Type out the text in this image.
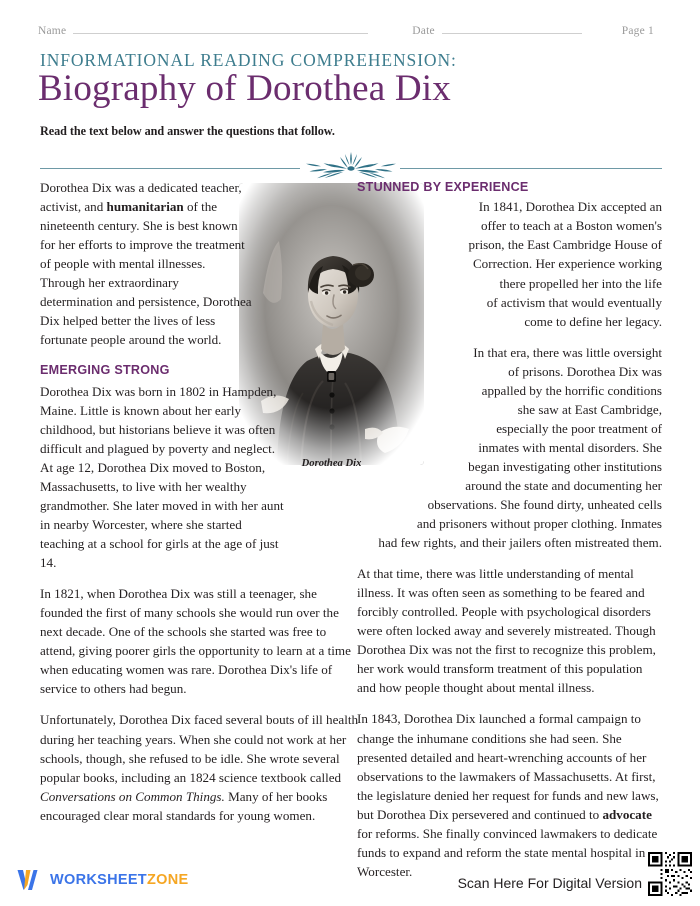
Name	Date	Page 1
INFORMATIONAL READING COMPREHENSION:
Biography of Dorothea Dix
Read the text below and answer the questions that follow.
Dorothea Dix

Dorothea Dix was a dedicated teacher, activist, and humanitarian of the nineteenth century. She is best known for her efforts to improve the treatment of people with mental illnesses. Through her extraordinary determination and persistence, Dorothea Dix helped better the lives of less fortunate people around the world.

EMERGING STRONG

Dorothea Dix was born in 1802 in Hampden, Maine. Little is known about her early childhood, but historians believe it was often difficult and plagued by poverty and neglect. At age 12, Dorothea Dix moved to Boston, Massachusetts, to live with her wealthy grandmother. She later moved in with her aunt in nearby Worcester, where she started teaching at a school for girls at the age of just 14.

In 1821, when Dorothea Dix was still a teenager, she founded the first of many schools she would run over the next decade. One of the schools she started was free to attend, giving poorer girls the opportunity to learn at a time when educating women was rare. Dorothea Dix's life of service to others had begun.

Unfortunately, Dorothea Dix faced several bouts of ill health during her teaching years. When she could not work at her schools, though, she refused to be idle. She wrote several popular books, including an 1824 science textbook called Conversations on Common Things. Many of her books encouraged clear moral standards for young women.

STUNNED BY EXPERIENCE

In 1841, Dorothea Dix accepted an
offer to teach at a Boston women's
prison, the East Cambridge House of
Correction. Her experience working
there propelled her into the life
of activism that would eventually
come to define her legacy.

In that era, there was little oversight
of prisons. Dorothea Dix was
appalled by the horrific conditions
she saw at East Cambridge,
especially the poor treatment of
inmates with mental disorders. She
began investigating other institutions
around the state and documenting her
observations. She found dirty, unheated cells
and prisoners without proper clothing. Inmates
had few rights, and their jailers often mistreated them.

At that time, there was little understanding of mental illness. It was often seen as something to be feared and forcibly controlled. People with psychological disorders were often locked away and severely mistreated. Though Dorothea Dix was not the first to recognize this problem, her work would transform treatment of this population and how people thought about mental illness.

In 1843, Dorothea Dix launched a formal campaign to change the inhumane conditions she had seen. She presented detailed and heart-wrenching accounts of her observations to the lawmakers of Massachusetts. At first, the legislature denied her request for funds and new laws, but Dorothea Dix persevered and continued to advocate for reforms. She finally convinced lawmakers to dedicate funds to expand and reform the state mental hospital in Worcester.

WORKSHEETZONE	Scan Here For Digital Version
